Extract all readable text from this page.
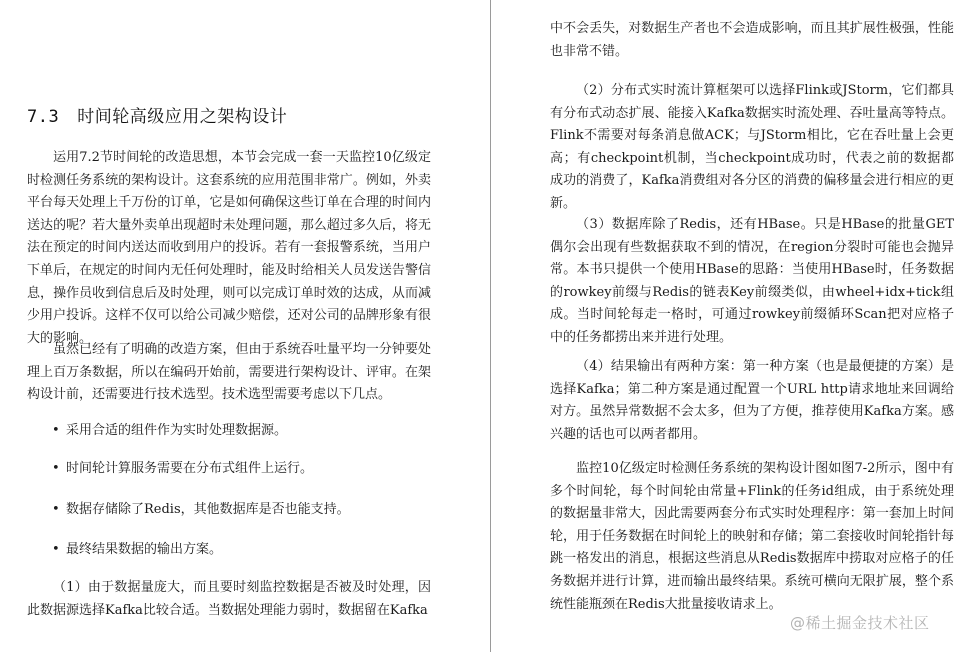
7.3 时间轮高级应用之架构设计

运用7.2节时间轮的改造思想，本节会完成一套一天监控10亿级定时检测任务系统的架构设计。这套系统的应用范围非常广。例如，外卖平台每天处理上千万份的订单，它是如何确保这些订单在合理的时间内送达的呢？若大量外卖单出现超时未处理问题，那么超过多久后，将无法在预定的时间内送达而收到用户的投诉。若有一套报警系统，当用户下单后，在规定的时间内无任何处理时，能及时给相关人员发送告警信息，操作员收到信息后及时处理，则可以完成订单时效的达成，从而减少用户投诉。这样不仅可以给公司减少赔偿，还对公司的品牌形象有很大的影响。

虽然已经有了明确的改造方案，但由于系统吞吐量平均一分钟要处理上百万条数据，所以在编码开始前，需要进行架构设计、评审。在架构设计前，还需要进行技术选型。技术选型需要考虑以下几点。

• 采用合适的组件作为实时处理数据源。
• 时间轮计算服务需要在分布式组件上运行。
• 数据存储除了Redis，其他数据库是否也能支持。
• 最终结果数据的输出方案。

（1）由于数据量庞大，而且要时刻监控数据是否被及时处理，因此数据源选择Kafka比较合适。当数据处理能力弱时，数据留在Kafka

中不会丢失，对数据生产者也不会造成影响，而且其扩展性极强，性能也非常不错。

（2）分布式实时流计算框架可以选择Flink或JStorm，它们都具有分布式动态扩展、能接入Kafka数据实时流处理、吞吐量高等特点。Flink不需要对每条消息做ACK；与JStorm相比，它在吞吐量上会更高；有checkpoint机制，当checkpoint成功时，代表之前的数据都成功的消费了，Kafka消费组对各分区的消费的偏移量会进行相应的更新。

（3）数据库除了Redis，还有HBase。只是HBase的批量GET偶尔会出现有些数据获取不到的情况，在region分裂时可能也会抛异常。本书只提供一个使用HBase的思路：当使用HBase时，任务数据的rowkey前缀与Redis的链表Key前缀类似，由wheel+idx+tick组成。当时间轮每走一格时，可通过rowkey前缀循环Scan把对应格子中的任务都捞出来并进行处理。

（4）结果输出有两种方案：第一种方案（也是最便捷的方案）是选择Kafka；第二种方案是通过配置一个URL http请求地址来回调给对方。虽然异常数据不会太多，但为了方便，推荐使用Kafka方案。感兴趣的话也可以两者都用。

监控10亿级定时检测任务系统的架构设计图如图7-2所示，图中有多个时间轮，每个时间轮由常量+Flink的任务id组成，由于系统处理的数据量非常大，因此需要两套分布式实时处理程序：第一套加上时间轮，用于任务数据在时间轮上的映射和存储；第二套接收时间轮指针每跳一格发出的消息，根据这些消息从Redis数据库中捞取对应格子的任务数据并进行计算，进而输出最终结果。系统可横向无限扩展，整个系统性能瓶颈在Redis大批量接收请求上。

@稀土掘金技术社区
